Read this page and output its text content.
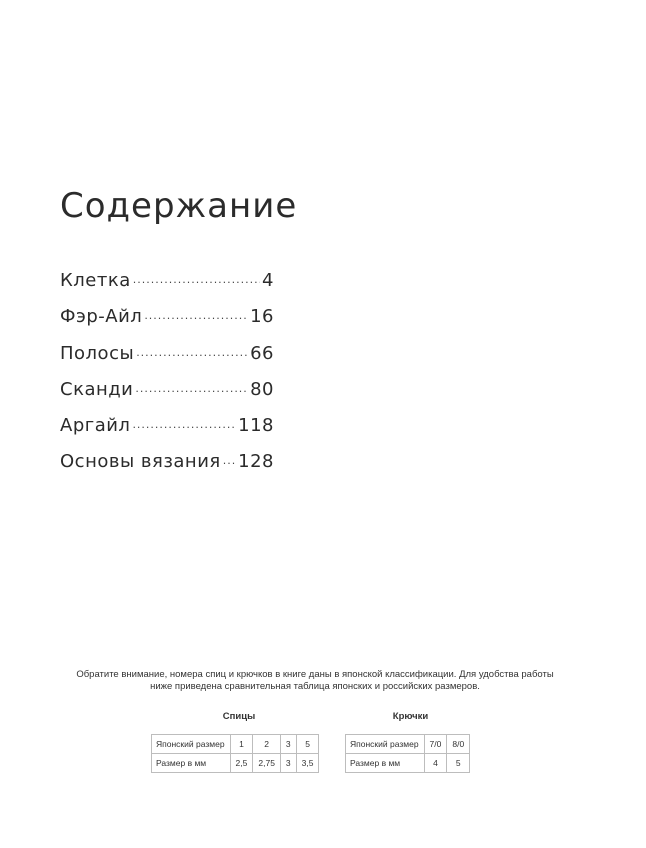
Содержание
Клетка ·····	4
Фэр-Айл ·····	16
Полосы ·····	66
Сканди ·····	80
Аргайл ·····	118
Основы вязания ····· 128
Обратите внимание, номера спиц и крючков в книге даны в японской классификации. Для удобства работы
ниже приведена сравнительная таблица японских и российских размеров.
Спицы
Японский размер	1	2	3	5
Размер в мм	2,5	2,75	3	3,5
Крючки
Японский размер	7/0	8/0
Размер в мм	4	5
